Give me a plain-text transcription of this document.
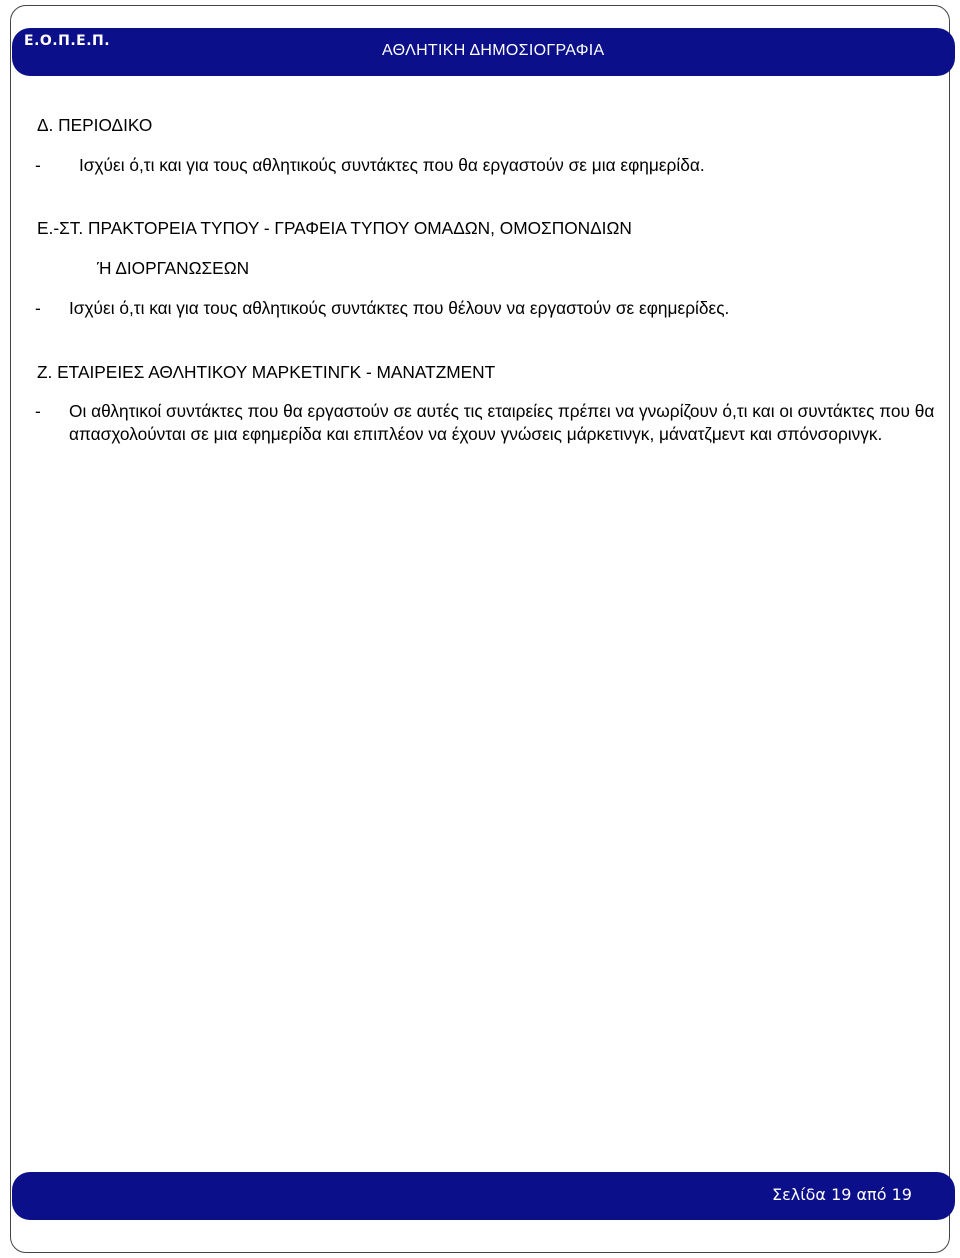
Ε.Ο.Π.Ε.Π.
ΑΘΛΗΤΙΚΗ ΔΗΜΟΣΙΟΓΡΑΦΙΑ
Δ. ΠΕΡΙΟΔΙΚΟ
- Ισχύει ό,τι και για τους αθλητικούς συντάκτες που θα εργαστούν σε μια εφημερίδα.
Ε.-ΣΤ. ΠΡΑΚΤΟΡΕΙΑ ΤΥΠΟΥ - ΓΡΑΦΕΙΑ ΤΥΠΟΥ ΟΜΑΔΩΝ, ΟΜΟΣΠΟΝΔΙΩΝ
Ή ΔΙΟΡΓΑΝΩΣΕΩΝ
- Ισχύει ό,τι και για τους αθλητικούς συντάκτες που θέλουν να εργαστούν σε εφημερίδες.
Ζ. ΕΤΑΙΡΕΙΕΣ ΑΘΛΗΤΙΚΟΥ ΜΑΡΚΕΤΙΝΓΚ - ΜΑΝΑΤΖΜΕΝΤ
- Οι αθλητικοί συντάκτες που θα εργαστούν σε αυτές τις εταιρείες πρέπει να γνωρίζουν ό,τι και οι συντάκτες που θα απασχολούνται σε μια εφημερίδα και επιπλέον να έχουν γνώσεις μάρκετινγκ, μάνατζμεντ και σπόνσορινγκ.
Σελίδα 19 από 19
